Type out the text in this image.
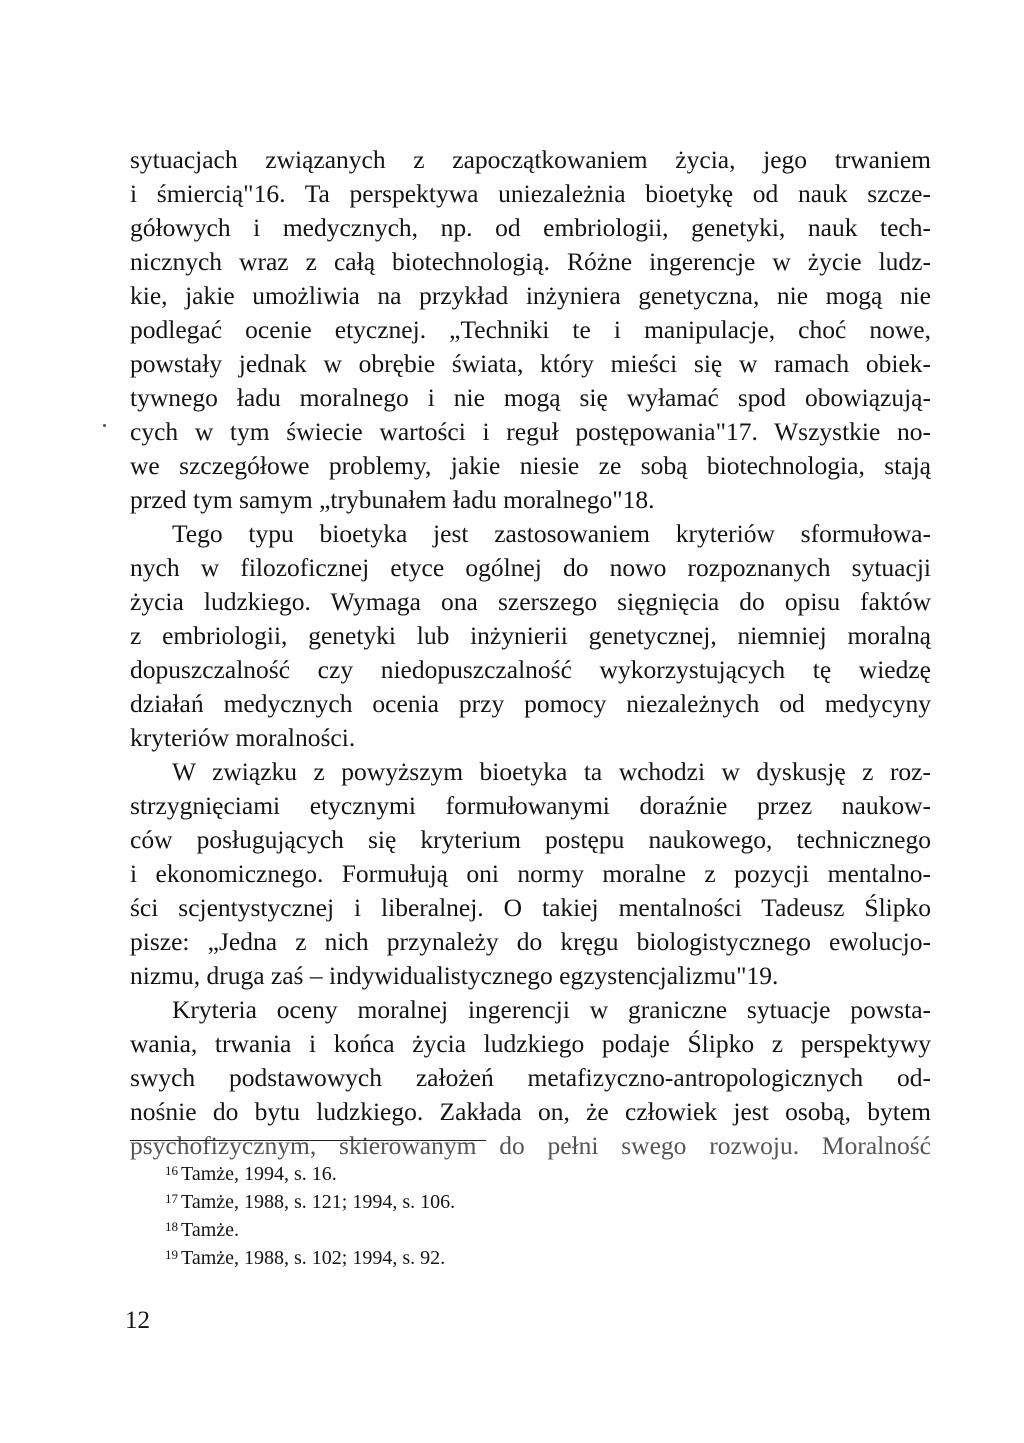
sytuacjach związanych z zapoczątkowaniem życia, jego trwaniem
i śmiercią"16. Ta perspektywa uniezależnia bioetykę od nauk szcze-
gółowych i medycznych, np. od embriologii, genetyki, nauk tech-
nicznych wraz z całą biotechnologią. Różne ingerencje w życie ludz-
kie, jakie umożliwia na przykład inżyniera genetyczna, nie mogą nie
podlegać ocenie etycznej. „Techniki te i manipulacje, choć nowe,
powstały jednak w obrębie świata, który mieści się w ramach obiek-
tywnego ładu moralnego i nie mogą się wyłamać spod obowiązują-
cych w tym świecie wartości i reguł postępowania"17. Wszystkie no-
we szczegółowe problemy, jakie niesie ze sobą biotechnologia, stają
przed tym samym „trybunałem ładu moralnego"18.
Tego typu bioetyka jest zastosowaniem kryteriów sformułowa-
nych w filozoficznej etyce ogólnej do nowo rozpoznanych sytuacji
życia ludzkiego. Wymaga ona szerszego sięgnięcia do opisu faktów
z embriologii, genetyki lub inżynierii genetycznej, niemniej moralną
dopuszczalność czy niedopuszczalność wykorzystujących tę wiedzę
działań medycznych ocenia przy pomocy niezależnych od medycyny
kryteriów moralności.
W związku z powyższym bioetyka ta wchodzi w dyskusję z roz-
strzygnięciami etycznymi formułowanymi doraźnie przez naukow-
ców posługujących się kryterium postępu naukowego, technicznego
i ekonomicznego. Formułują oni normy moralne z pozycji mentalno-
ści scjentystycznej i liberalnej. O takiej mentalności Tadeusz Ślipko
pisze: „Jedna z nich przynależy do kręgu biologistycznego ewolucjo-
nizmu, druga zaś – indywidualistycznego egzystencjalizmu"19.
Kryteria oceny moralnej ingerencji w graniczne sytuacje powsta-
wania, trwania i końca życia ludzkiego podaje Ślipko z perspektywy
swych podstawowych założeń metafizyczno-antropologicznych od-
nośnie do bytu ludzkiego. Zakłada on, że człowiek jest osobą, bytem
psychofizycznym, skierowanym do pełni swego rozwoju. Moralność
$^{16}$ Tamże, 1994, s. 16.
$^{17}$ Tamże, 1988, s. 121; 1994, s. 106.
$^{18}$ Tamże.
$^{19}$ Tamże, 1988, s. 102; 1994, s. 92.
12
